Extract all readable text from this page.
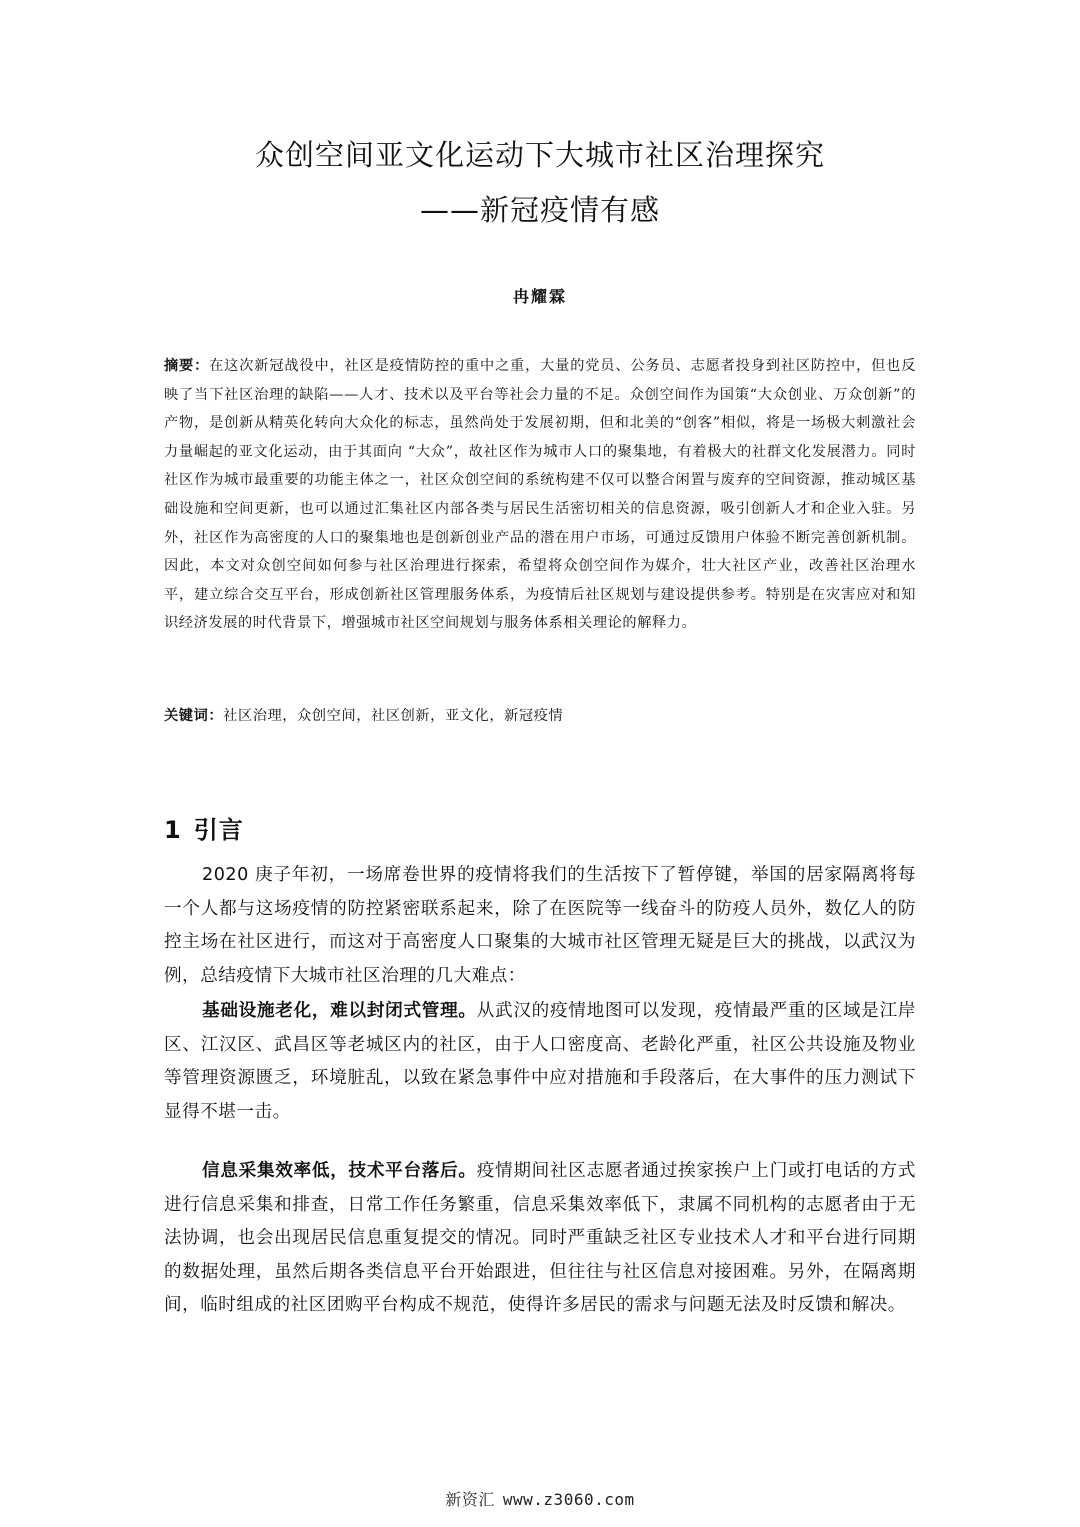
众创空间亚文化运动下大城市社区治理探究
——新冠疫情有感
冉耀霖

摘要：在这次新冠战役中，社区是疫情防控的重中之重，大量的党员、公务员、志愿者投身到社区防控中，但也反映了当下社区治理的缺陷——人才、技术以及平台等社会力量的不足。众创空间作为国策“大众创业、万众创新”的产物，是创新从精英化转向大众化的标志，虽然尚处于发展初期，但和北美的“创客”相似，将是一场极大刺激社会力量崛起的亚文化运动，由于其面向 “大众”，故社区作为城市人口的聚集地，有着极大的社群文化发展潜力。同时社区作为城市最重要的功能主体之一，社区众创空间的系统构建不仅可以整合闲置与废弃的空间资源，推动城区基础设施和空间更新，也可以通过汇集社区内部各类与居民生活密切相关的信息资源，吸引创新人才和企业入驻。另外，社区作为高密度的人口的聚集地也是创新创业产品的潜在用户市场，可通过反馈用户体验不断完善创新机制。因此，本文对众创空间如何参与社区治理进行探索，希望将众创空间作为媒介，壮大社区产业，改善社区治理水平，建立综合交互平台，形成创新社区管理服务体系，为疫情后社区规划与建设提供参考。特别是在灾害应对和知识经济发展的时代背景下，增强城市社区空间规划与服务体系相关理论的解释力。

关键词：社区治理，众创空间，社区创新，亚文化，新冠疫情

1 引言

2020 庚子年初，一场席卷世界的疫情将我们的生活按下了暂停键，举国的居家隔离将每一个人都与这场疫情的防控紧密联系起来，除了在医院等一线奋斗的防疫人员外，数亿人的防控主场在社区进行，而这对于高密度人口聚集的大城市社区管理无疑是巨大的挑战，以武汉为例，总结疫情下大城市社区治理的几大难点：

基础设施老化，难以封闭式管理。从武汉的疫情地图可以发现，疫情最严重的区域是江岸区、江汉区、武昌区等老城区内的社区，由于人口密度高、老龄化严重，社区公共设施及物业等管理资源匮乏，环境脏乱，以致在紧急事件中应对措施和手段落后，在大事件的压力测试下显得不堪一击。

信息采集效率低，技术平台落后。疫情期间社区志愿者通过挨家挨户上门或打电话的方式进行信息采集和排查，日常工作任务繁重，信息采集效率低下，隶属不同机构的志愿者由于无法协调，也会出现居民信息重复提交的情况。同时严重缺乏社区专业技术人才和平台进行同期的数据处理，虽然后期各类信息平台开始跟进，但往往与社区信息对接困难。另外，在隔离期间，临时组成的社区团购平台构成不规范，使得许多居民的需求与问题无法及时反馈和解决。

新资汇 www.z3060.com
